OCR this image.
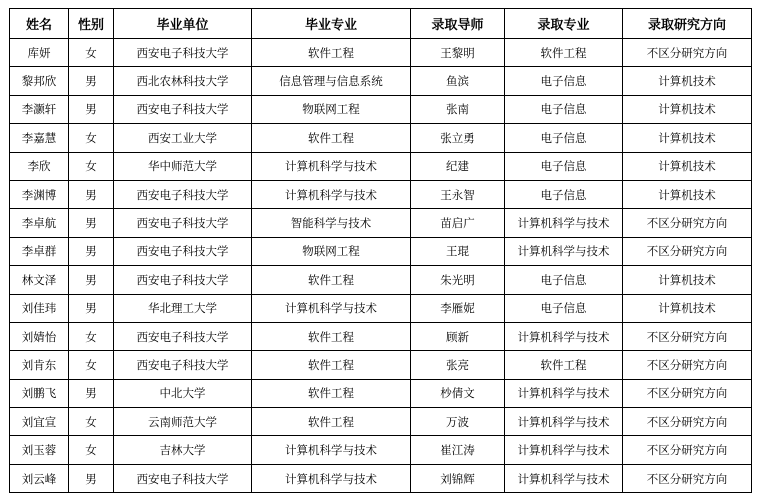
姓名	性别	毕业单位	毕业专业	录取导师	录取专业	录取研究方向
库妍	女	西安电子科技大学	软件工程	王黎明	软件工程	不区分研究方向
黎邦欣	男	西北农林科技大学	信息管理与信息系统	鱼滨	电子信息	计算机技术
李灏轩	男	西安电子科技大学	物联网工程	张南	电子信息	计算机技术
李嘉慧	女	西安工业大学	软件工程	张立勇	电子信息	计算机技术
李欣	女	华中师范大学	计算机科学与技术	纪建	电子信息	计算机技术
李渊博	男	西安电子科技大学	计算机科学与技术	王永智	电子信息	计算机技术
李卓航	男	西安电子科技大学	智能科学与技术	苗启广	计算机科学与技术	不区分研究方向
李卓群	男	西安电子科技大学	物联网工程	王琨	计算机科学与技术	不区分研究方向
林文泽	男	西安电子科技大学	软件工程	朱光明	电子信息	计算机技术
刘佳玮	男	华北理工大学	计算机科学与技术	李雁妮	电子信息	计算机技术
刘婧怡	女	西安电子科技大学	软件工程	顾新	计算机科学与技术	不区分研究方向
刘肯东	女	西安电子科技大学	软件工程	张亮	软件工程	不区分研究方向
刘鹏飞	男	中北大学	软件工程	杪倩文	计算机科学与技术	不区分研究方向
刘宜宣	女	云南师范大学	软件工程	万波	计算机科学与技术	不区分研究方向
刘玉蓉	女	吉林大学	计算机科学与技术	崔江涛	计算机科学与技术	不区分研究方向
刘云峰	男	西安电子科技大学	计算机科学与技术	刘锦辉	计算机科学与技术	不区分研究方向
